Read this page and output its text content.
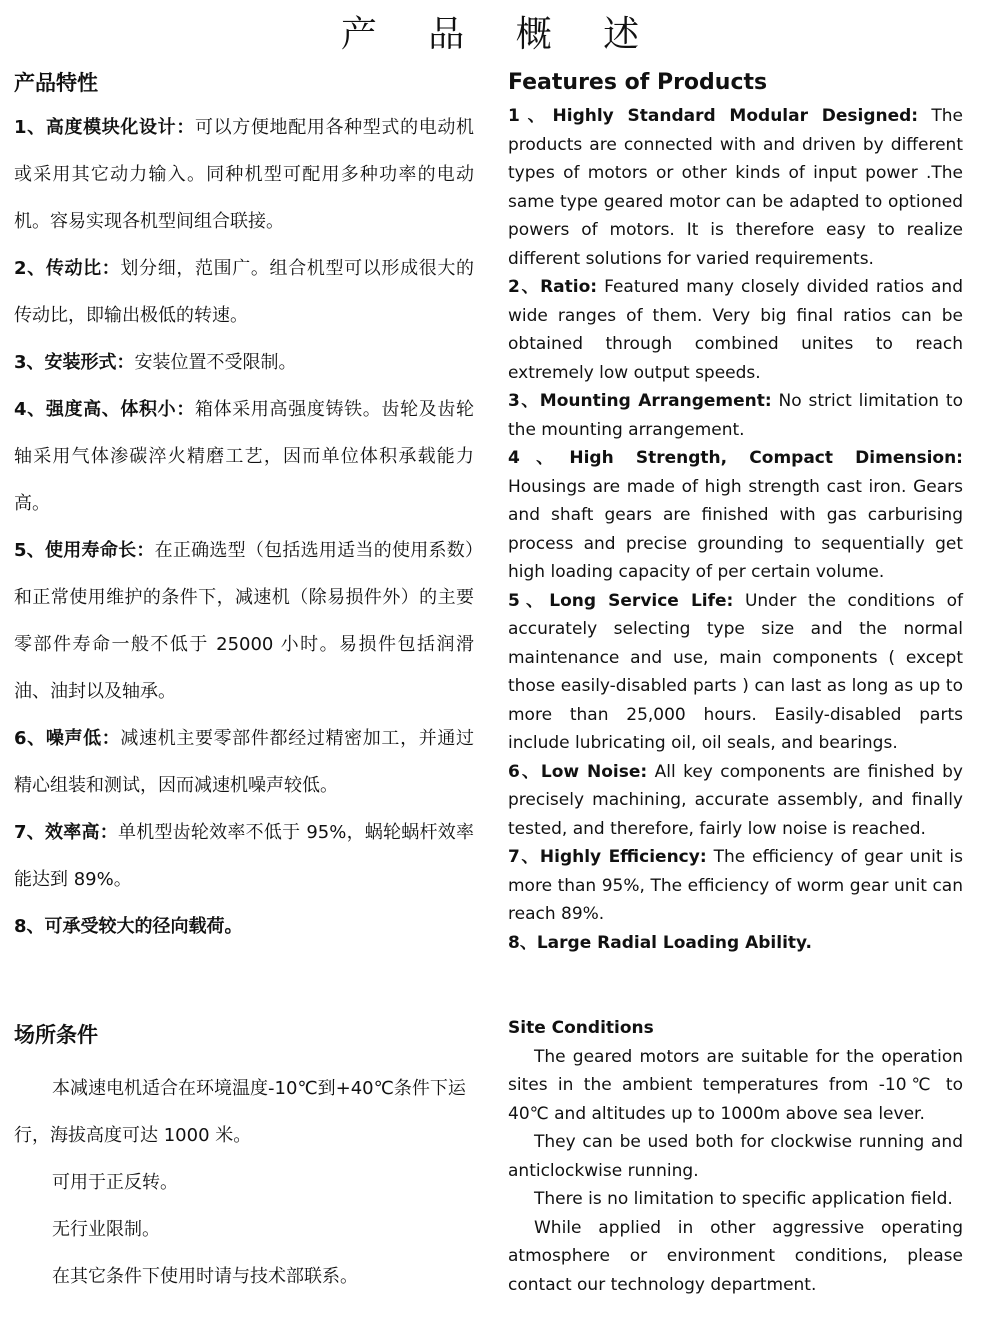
产 品 概 述

产品特性

1、高度模块化设计：可以方便地配用各种型式的电动机或采用其它动力输入。同种机型可配用多种功率的电动机。容易实现各机型间组合联接。

2、传动比：划分细，范围广。组合机型可以形成很大的传动比，即输出极低的转速。

3、安装形式：安装位置不受限制。

4、强度高、体积小：箱体采用高强度铸铁。齿轮及齿轮轴采用气体渗碳淬火精磨工艺，因而单位体积承载能力高。

5、使用寿命长：在正确选型（包括选用适当的使用系数）和正常使用维护的条件下，减速机（除易损件外）的主要零部件寿命一般不低于 25000 小时。易损件包括润滑油、油封以及轴承。

6、噪声低：减速机主要零部件都经过精密加工，并通过精心组装和测试，因而减速机噪声较低。

7、效率高：单机型齿轮效率不低于 95%，蜗轮蜗杆效率能达到 89%。

8、可承受较大的径向载荷。

Features of Products

1、Highly Standard Modular Designed: The products are connected with and driven by different types of motors or other kinds of input power .The same type geared motor can be adapted to optioned powers of motors. It is therefore easy to realize different solutions for varied requirements.

2、Ratio: Featured many closely divided ratios and wide ranges of them. Very big final ratios can be obtained through combined unites to reach extremely low output speeds.

3、Mounting Arrangement: No strict limitation to the mounting arrangement.

4、High Strength, Compact Dimension: Housings are made of high strength cast iron. Gears and shaft gears are finished with gas carburising process and precise grounding to sequentially get high loading capacity of per certain volume.

5、Long Service Life: Under the conditions of accurately selecting type size and the normal maintenance and use, main components ( except those easily-disabled parts ) can last as long as up to more than 25,000 hours. Easily-disabled parts include lubricating oil, oil seals, and bearings.

6、Low Noise: All key components are finished by precisely machining, accurate assembly, and finally tested, and therefore, fairly low noise is reached.

7、Highly Efficiency: The efficiency of gear unit is more than 95%, The efficiency of worm gear unit can reach 89%.

8、Large Radial Loading Ability.

场所条件

本减速电机适合在环境温度-10℃到+40℃条件下运行，海拔高度可达 1000 米。

可用于正反转。

无行业限制。

在其它条件下使用时请与技术部联系。

Site Conditions

The geared motors are suitable for the operation sites in the ambient temperatures from -10℃ to 40℃ and altitudes up to 1000m above sea lever.

They can be used both for clockwise running and anticlockwise running.

There is no limitation to specific application field.

While applied in other aggressive operating atmosphere or environment conditions, please contact our technology department.
